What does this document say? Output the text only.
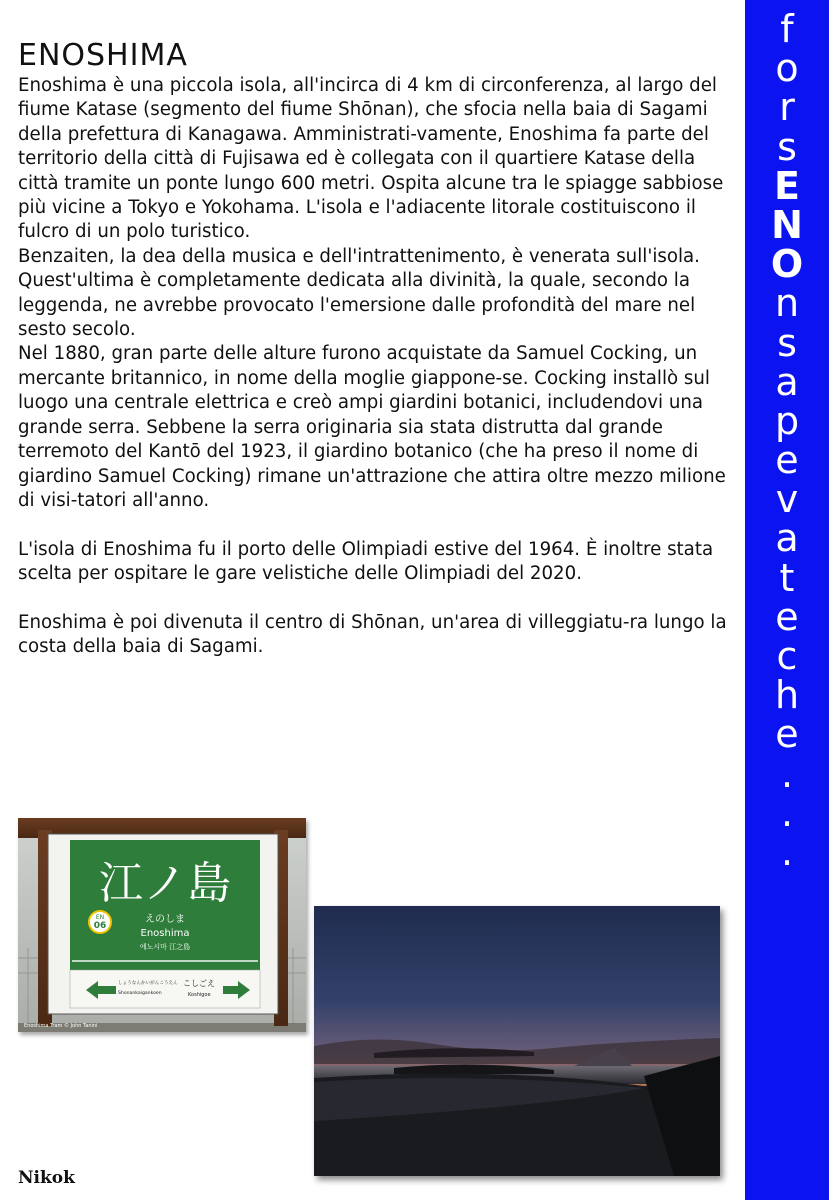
ENOSHIMA

Enoshima è una piccola isola, all'incirca di 4 km di circonferenza, al largo del fiume Katase (segmento del fiume Shōnan), che sfocia nella baia di Sagami della prefettura di Kanagawa. Amministrati-vamente, Enoshima fa parte del territorio della città di Fujisawa ed è collegata con il quartiere Katase della città tramite un ponte lungo 600 metri. Ospita alcune tra le spiagge sabbiose più vicine a Tokyo e Yokohama. L'isola e l'adiacente litorale costituiscono il fulcro di un polo turistico.

Benzaiten, la dea della musica e dell'intrattenimento, è venerata sull'isola. Quest'ultima è completamente dedicata alla divinità, la quale, secondo la leggenda, ne avrebbe provocato l'emersione dalle profondità del mare nel sesto secolo.

Nel 1880, gran parte delle alture furono acquistate da Samuel Cocking, un mercante britannico, in nome della moglie giappone-se. Cocking installò sul luogo una centrale elettrica e creò ampi giardini botanici, includendovi una grande serra. Sebbene la serra originaria sia stata distrutta dal grande terremoto del Kantō del 1923, il giardino botanico (che ha preso il nome di giardino Samuel Cocking) rimane un'attrazione che attira oltre mezzo milione di visi-tatori all'anno.

L'isola di Enoshima fu il porto delle Olimpiadi estive del 1964. È inoltre stata scelta per ospitare le gare velistiche delle Olimpiadi del 2020.

Enoshima è poi divenuta il centro di Shōnan, un'area di villeggiatu-ra lungo la costa della baia di Sagami.

f
o
r
s
E
N
O
n
s
a
p
e
v
a
t
e
c
h
e
.
.
.
江ノ島
EN
06
えのしま
Enoshima
에노시마 江之島
しょうなんかいがんこうえん
Shonankaigankoen
こしごえ
Koshigoe
Enoshima Tram © John Tanini
Nikok
